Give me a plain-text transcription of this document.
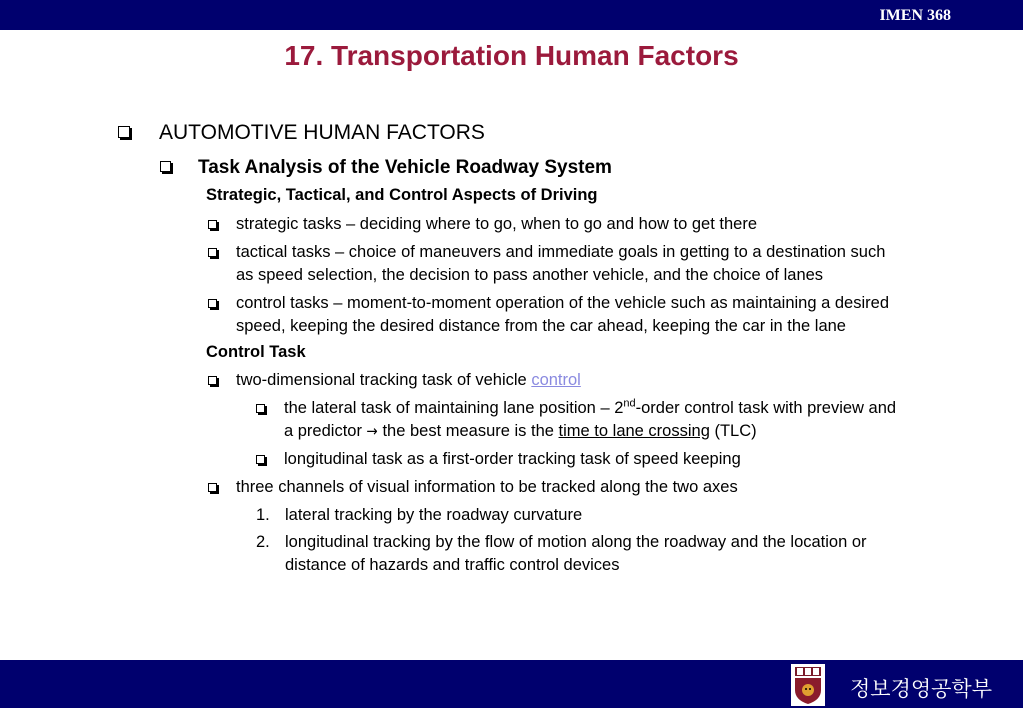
IMEN 368
17. Transportation Human Factors
AUTOMOTIVE HUMAN FACTORS
Task Analysis of the Vehicle Roadway System
Strategic, Tactical, and Control Aspects of Driving
strategic tasks – deciding where to go, when to go and how to get there
tactical tasks – choice of maneuvers and immediate goals in getting to a destination such
as speed selection, the decision to pass another vehicle, and the choice of lanes
control tasks – moment-to-moment operation of the vehicle such as maintaining a desired
speed, keeping the desired distance from the car ahead, keeping the car in the lane
Control Task
two-dimensional tracking task of vehicle control
the lateral task of maintaining lane position – 2nd-order control task with preview and
a predictor → the best measure is the time to lane crossing (TLC)
longitudinal task as a first-order tracking task of speed keeping
three channels of visual information to be tracked along the two axes
1. lateral tracking by the roadway curvature
2. longitudinal tracking by the flow of motion along the roadway and the location or
distance of hazards and traffic control devices
정보경영공학부
